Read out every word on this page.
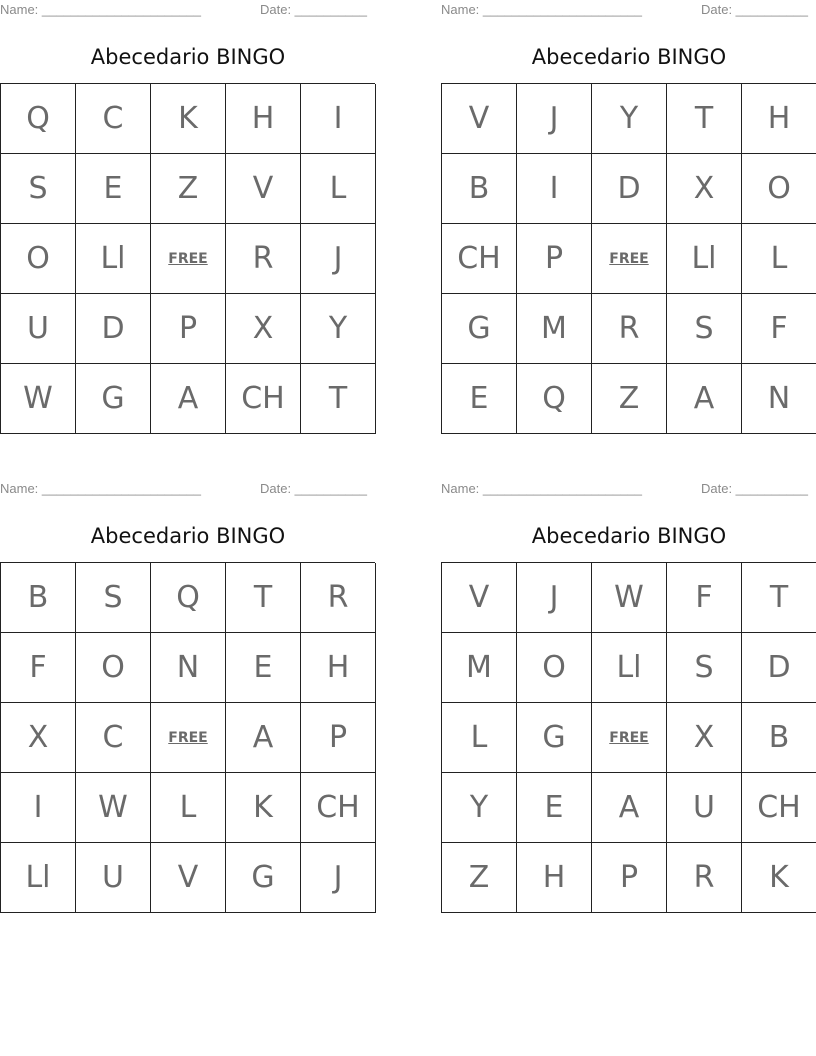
Name: ______________________	Date: __________
Abecedario BINGO
Q	C	K	H	I
S	E	Z	V	L
O	Ll	FREE	R	J
U	D	P	X	Y
W	G	A	CH	T
Name: ______________________	Date: __________
Abecedario BINGO
V	J	Y	T	H
B	I	D	X	O
CH	P	FREE	Ll	L
G	M	R	S	F
E	Q	Z	A	N
Name: ______________________	Date: __________
Abecedario BINGO
B	S	Q	T	R
F	O	N	E	H
X	C	FREE	A	P
I	W	L	K	CH
Ll	U	V	G	J
Name: ______________________	Date: __________
Abecedario BINGO
V	J	W	F	T
M	O	Ll	S	D
L	G	FREE	X	B
Y	E	A	U	CH
Z	H	P	R	K
